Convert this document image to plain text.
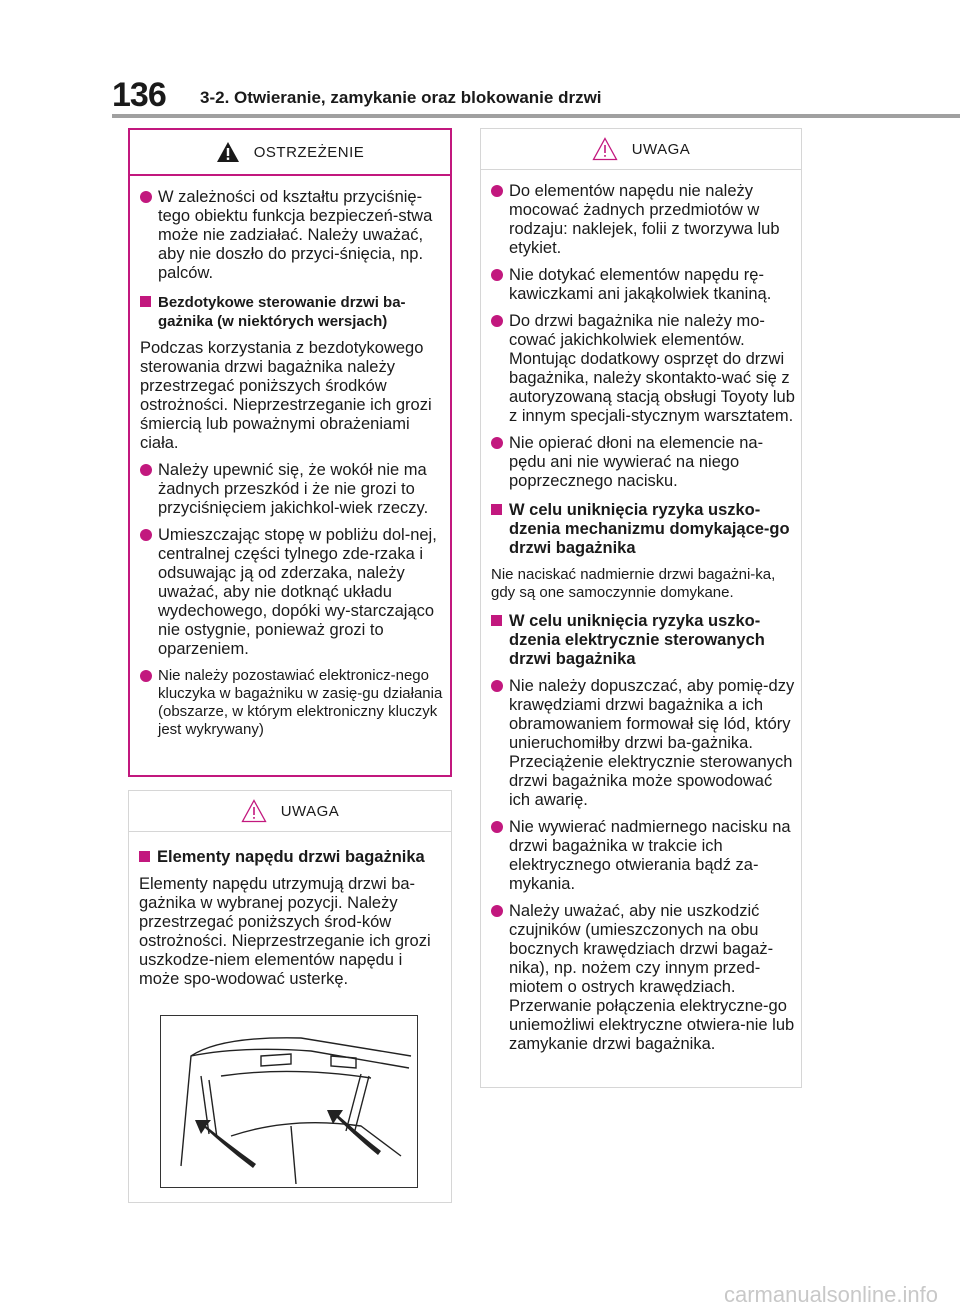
136 3-2. Otwieranie, zamykanie oraz blokowanie drzwi
OSTRZEŻENIE
W zależności od kształtu przyciśnię-tego obiektu funkcja bezpieczeń-stwa może nie zadziałać. Należy uważać, aby nie doszło do przyci-śnięcia, np. palców.
Bezdotykowe sterowanie drzwi ba-gażnika (w niektórych wersjach)
Podczas korzystania z bezdotykowego sterowania drzwi bagażnika należy przestrzegać poniższych środków ostrożności. Nieprzestrzeganie ich grozi śmiercią lub poważnymi obrażeniami ciała.
Należy upewnić się, że wokół nie ma żadnych przeszkód i że nie grozi to przyciśnięciem jakichkol-wiek rzeczy.
Umieszczając stopę w pobliżu dol-nej, centralnej części tylnego zde-rzaka i odsuwając ją od zderzaka, należy uważać, aby nie dotknąć układu wydechowego, dopóki wy-starczająco nie ostygnie, ponieważ grozi to oparzeniem.
Nie należy pozostawiać elektronicz-nego kluczyka w bagażniku w zasię-gu działania (obszarze, w którym elektroniczny kluczyk jest wykrywany)
UWAGA
Elementy napędu drzwi bagażnika
Elementy napędu utrzymują drzwi ba-gażnika w wybranej pozycji. Należy przestrzegać poniższych środ-ków ostrożności. Nieprzestrzeganie ich grozi uszkodze-niem elementów napędu i może spo-wodować usterkę.
UWAGA
Do elementów napędu nie należy mocować żadnych przedmiotów w rodzaju: naklejek, folii z tworzywa lub etykiet.
Nie dotykać elementów napędu rę-kawiczkami ani jakąkolwiek tkaniną.
Do drzwi bagażnika nie należy mo-cować jakichkolwiek elementów. Montując dodatkowy osprzęt do drzwi bagażnika, należy skontakto-wać się z autoryzowaną stacją obsługi Toyoty lub z innym specjali-stycznym warsztatem.
Nie opierać dłoni na elemencie na-pędu ani nie wywierać na niego poprzecznego nacisku.
W celu uniknięcia ryzyka uszko-dzenia mechanizmu domykające-go drzwi bagażnika
Nie naciskać nadmiernie drzwi bagażni-ka, gdy są one samoczynnie domykane.
W celu uniknięcia ryzyka uszko-dzenia elektrycznie sterowanych drzwi bagażnika
Nie należy dopuszczać, aby pomię-dzy krawędziami drzwi bagażnika a ich obramowaniem formował się lód, który unieruchomiłby drzwi ba-gażnika. Przeciążenie elektrycznie sterowanych drzwi bagażnika może spowodować ich awarię.
Nie wywierać nadmiernego nacisku na drzwi bagażnika w trakcie ich elektrycznego otwierania bądź za-mykania.
Należy uważać, aby nie uszkodzić czujników (umieszczonych na obu bocznych krawędziach drzwi bagaż-nika), np. nożem czy innym przed-miotem o ostrych krawędziach. Przerwanie połączenia elektryczne-go uniemożliwi elektryczne otwiera-nie lub zamykanie drzwi bagażnika.
carmanualsonline.info
